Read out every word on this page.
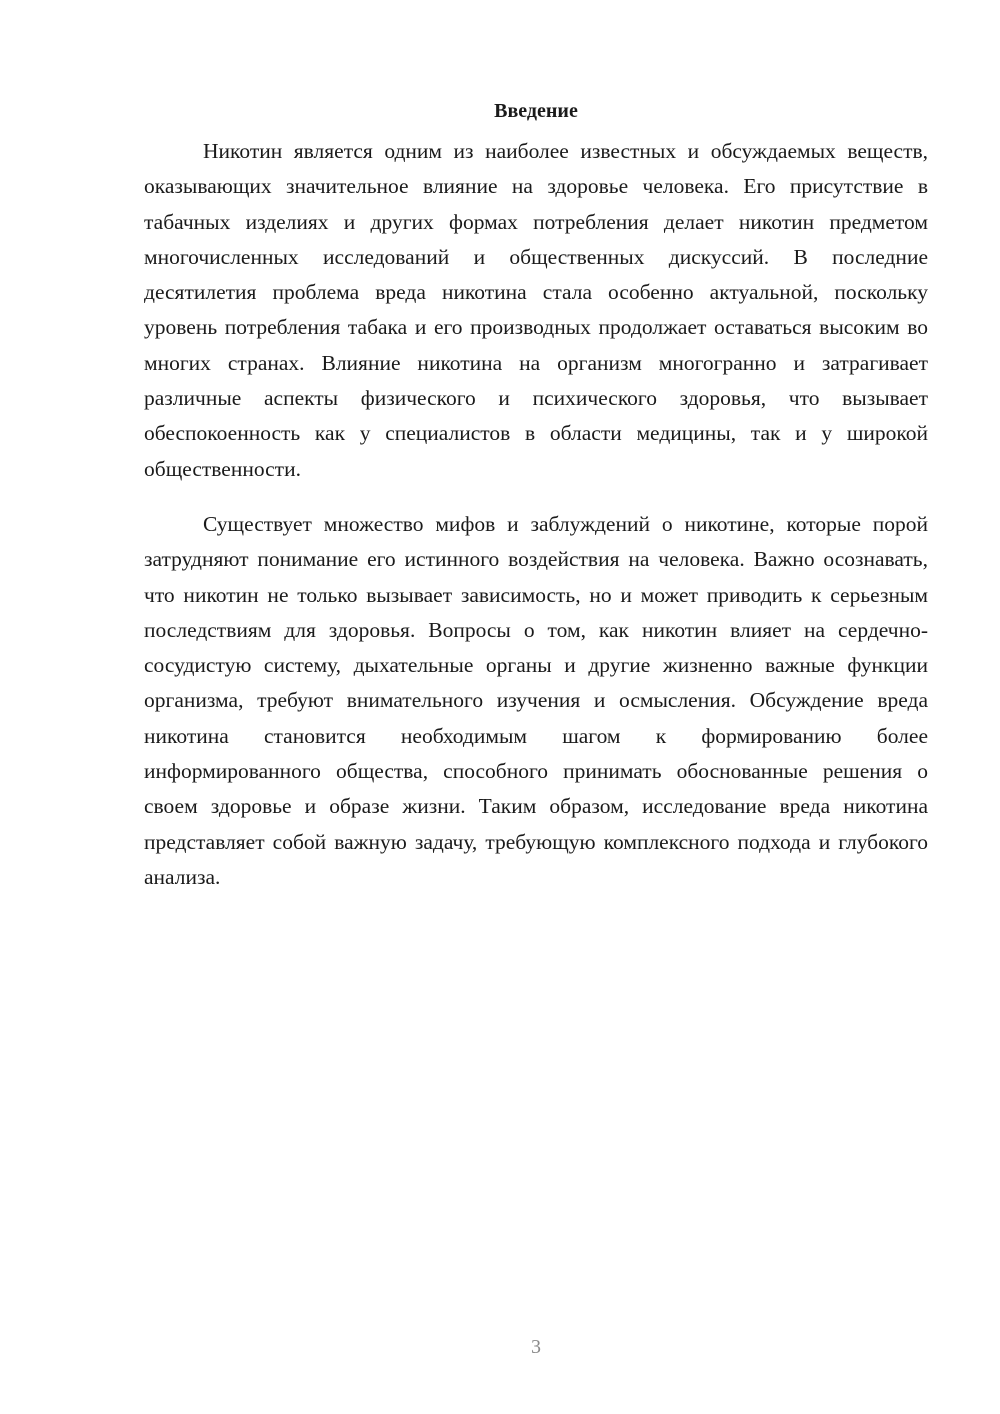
Введение

Никотин является одним из наиболее известных и обсуждаемых веществ, оказывающих значительное влияние на здоровье человека. Его присутствие в табачных изделиях и других формах потребления делает никотин предметом многочисленных исследований и общественных дискуссий. В последние десятилетия проблема вреда никотина стала особенно актуальной, поскольку уровень потребления табака и его производных продолжает оставаться высоким во многих странах. Влияние никотина на организм многогранно и затрагивает различные аспекты физического и психического здоровья, что вызывает обеспокоенность как у специалистов в области медицины, так и у широкой общественности.

Существует множество мифов и заблуждений о никотине, которые порой затрудняют понимание его истинного воздействия на человека. Важно осознавать, что никотин не только вызывает зависимость, но и может приводить к серьезным последствиям для здоровья. Вопросы о том, как никотин влияет на сердечно-сосудистую систему, дыхательные органы и другие жизненно важные функции организма, требуют внимательного изучения и осмысления. Обсуждение вреда никотина становится необходимым шагом к формированию более информированного общества, способного принимать обоснованные решения о своем здоровье и образе жизни. Таким образом, исследование вреда никотина представляет собой важную задачу, требующую комплексного подхода и глубокого анализа.

3
